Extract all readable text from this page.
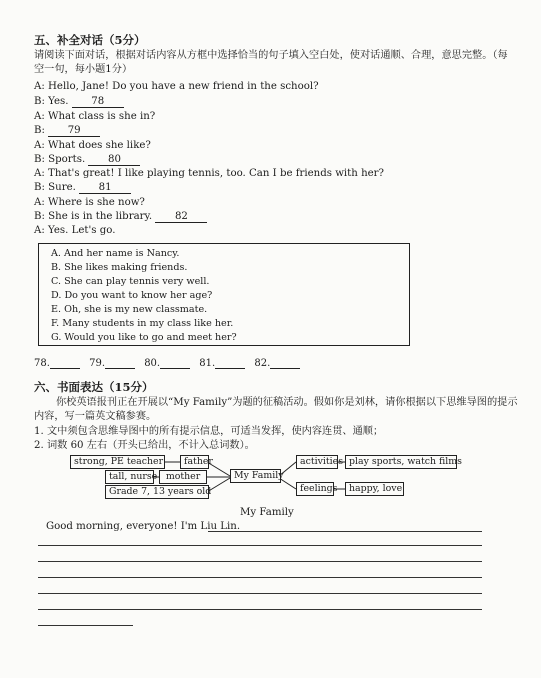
五、补全对话（5分）
请阅读下面对话，根据对话内容从方框中选择恰当的句子填入空白处，使对话通顺、合理，意思完整。（每
空一句，每小题1分）
A: Hello, Jane! Do you have a new friend in the school?
B: Yes. 78
A: What class is she in?
B: 79
A: What does she like?
B: Sports. 80
A: That's great! I like playing tennis, too. Can I be friends with her?
B: Sure. 81
A: Where is she now?
B: She is in the library. 82
A: Yes. Let's go.
A. And her name is Nancy.
B. She likes making friends.
C. She can play tennis very well.
D. Do you want to know her age?
E. Oh, she is my new classmate.
F. Many students in my class like her.
G. Would you like to go and meet her?
78.	79.	80.	81.	82.
六、书面表达（15分）
你校英语报刊正在开展以“My Family”为题的征稿活动。假如你是刘林，请你根据以下思维导图的提示
内容，写一篇英文稿参赛。
1. 文中须包含思维导图中的所有提示信息，可适当发挥，使内容连贯、通顺；
2. 词数 60 左右（开头已给出，不计入总词数）。
strong, PE teacher	father
tall, nurse mother
Grade 7, 13 years old
My Family
activities play sports, watch films
feelings	happy, love
My Family
Good morning, everyone! I'm Liu Lin.
